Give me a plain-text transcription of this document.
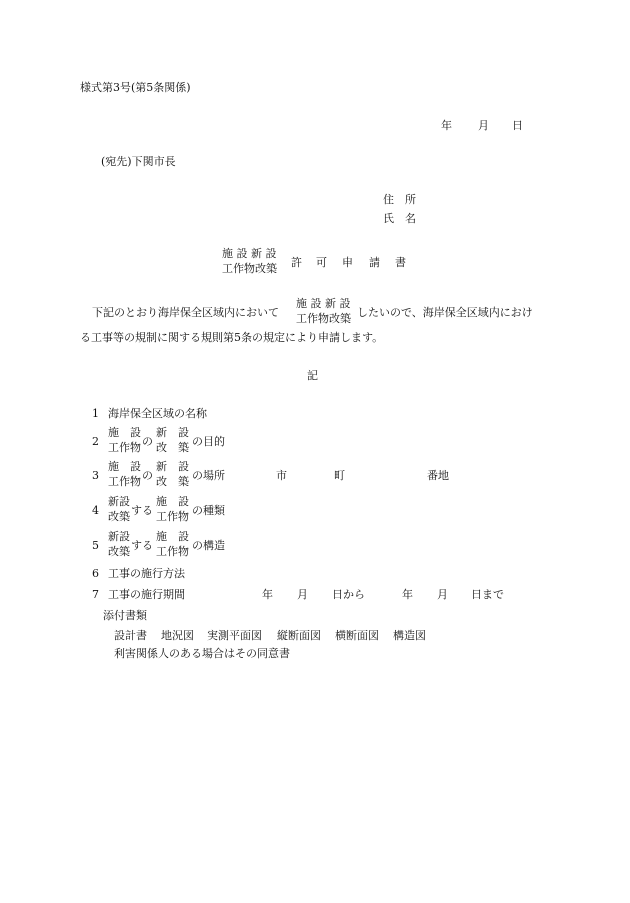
様式第3号(第5条関係)
年 月 日
(宛先)下関市長
住　所
氏　名
施 設 新 設
工作物改築 許 可 申 請 書
下記のとおり海岸保全区域内において
施 設 新 設
工作物改築 したいので、海岸保全区域内におけ
る工事等の規制に関する規則第5条の規定により申請します。
記
1 海岸保全区域の名称
2
施　設
工作物 の
新　設
改　築 の目的
3
施　設
工作物 の
新　設
改　築 の場所	市	町	番地
4
新設
改築 する
施　設
工作物 の種類
5
新設
改築 する
施　設
工作物 の構造
6 工事の施行方法
7 工事の施行期間	年 月 日から	年 月 日まで
添付書類
設計書 地況図 実測平面図 縦断面図 横断面図 構造図
利害関係人のある場合はその同意書
